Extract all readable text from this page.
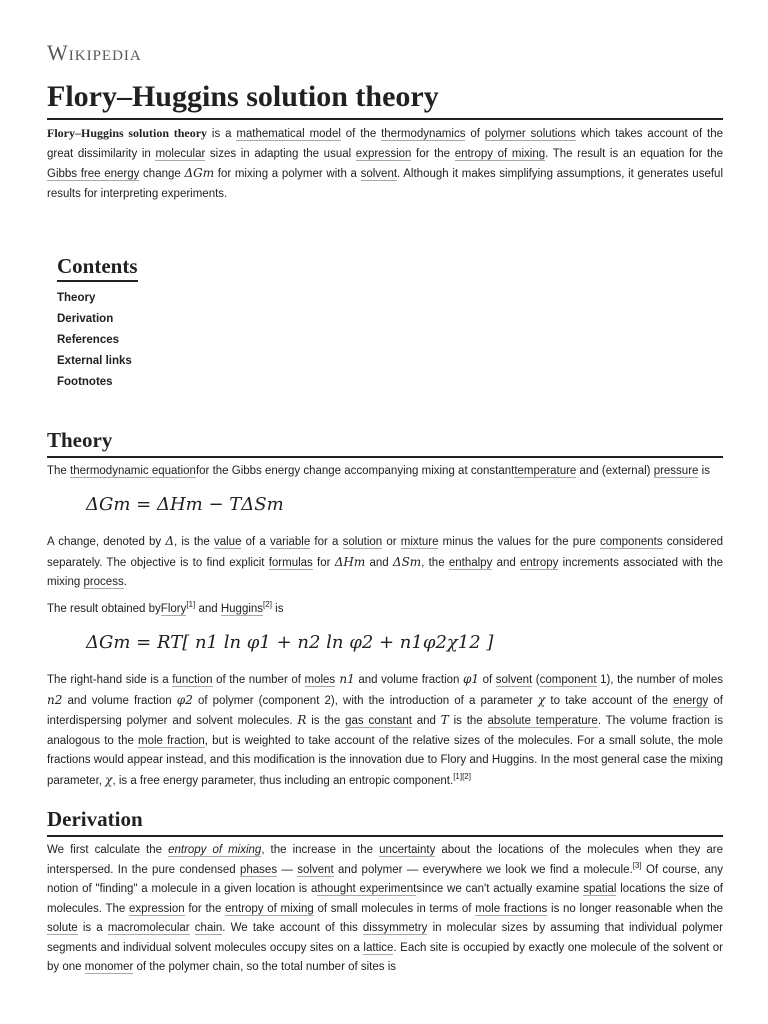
Wikipedia
Flory–Huggins solution theory

Flory–Huggins solution theory is a mathematical model of the thermodynamics of polymer solutions which takes account of the great dissimilarity in molecular sizes in adapting the usual expression for the entropy of mixing. The result is an equation for the Gibbs free energy change ΔGm for mixing a polymer with a solvent. Although it makes simplifying assumptions, it generates useful results for interpreting experiments.

Contents
Theory
Derivation
References
External links
Footnotes
Theory

The thermodynamic equationfor the Gibbs energy change accompanying mixing at constanttemperature and (external) pressure is

ΔGm = ΔHm − TΔSm

A change, denoted by Δ, is the value of a variable for a solution or mixture minus the values for the pure components considered separately. The objective is to find explicit formulas for ΔHm and ΔSm, the enthalpy and entropy increments associated with the mixing process.

The result obtained byFlory[1] and Huggins[2] is

ΔGm = RT[ n1 ln φ1 + n2 ln φ2 + n1φ2χ12 ]

The right-hand side is a function of the number of moles n1 and volume fraction φ1 of solvent (component 1), the number of moles n2 and volume fraction φ2 of polymer (component 2), with the introduction of a parameter χ to take account of the energy of interdispersing polymer and solvent molecules. R is the gas constant and T is the absolute temperature. The volume fraction is analogous to the mole fraction, but is weighted to take account of the relative sizes of the molecules. For a small solute, the mole fractions would appear instead, and this modification is the innovation due to Flory and Huggins. In the most general case the mixing parameter, χ, is a free energy parameter, thus including an entropic component.[1][2]

Derivation

We first calculate the entropy of mixing, the increase in the uncertainty about the locations of the molecules when they are interspersed. In the pure condensed phases — solvent and polymer — everywhere we look we find a molecule.[3] Of course, any notion of "finding" a molecule in a given location is athought experimentsince we can't actually examine spatial locations the size of molecules. The expression for the entropy of mixing of small molecules in terms of mole fractions is no longer reasonable when the solute is a macromolecular chain. We take account of this dissymmetry in molecular sizes by assuming that individual polymer segments and individual solvent molecules occupy sites on a lattice. Each site is occupied by exactly one molecule of the solvent or by one monomer of the polymer chain, so the total number of sites is
